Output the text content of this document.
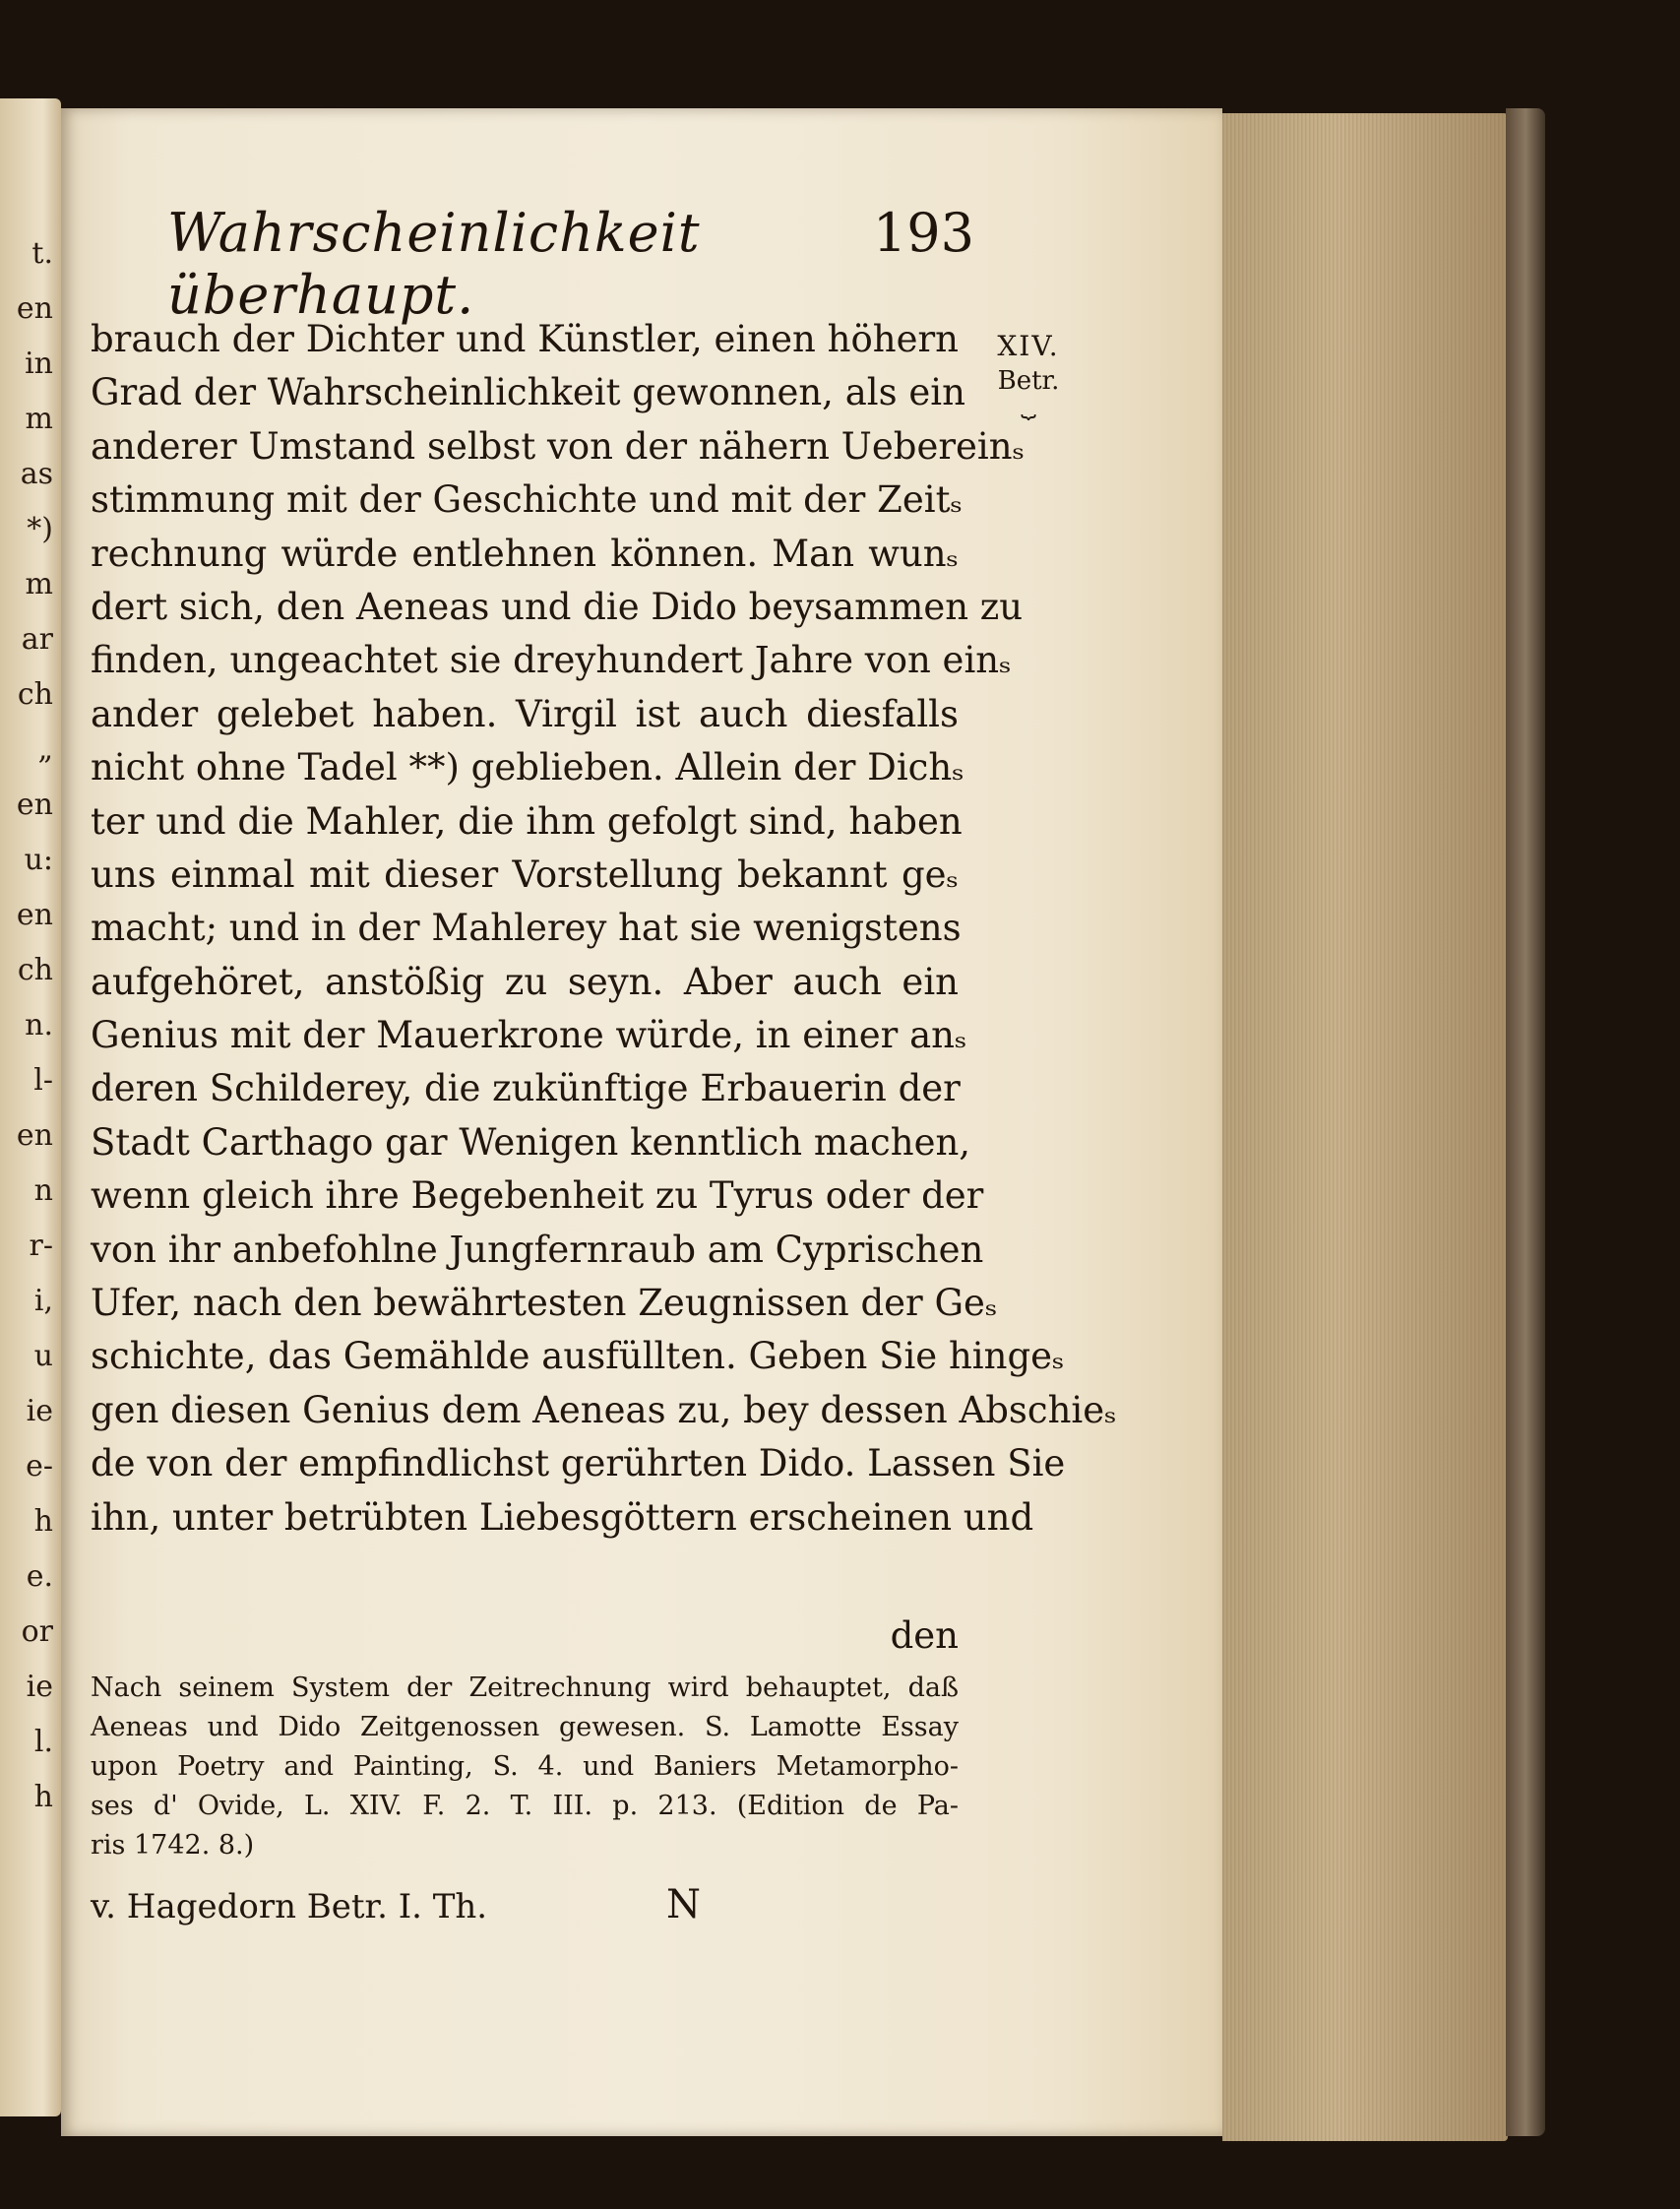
t.
en
in
m
as
*)
m
ar
ch
„
en
u:
en
ch
n.
l-
en
n
r-
i,
u
ie
e-
h
e.
or
ie
l.
h
Wahrscheinlichkeit überhaupt.
193
XIV.
Betr.
⏟
brauch der Dichter und Künstler, einen höhern
Grad der Wahrscheinlichkeit gewonnen, als ein
anderer Umstand selbst von der nähern Uebereinₛ
stimmung mit der Geschichte und mit der Zeitₛ
rechnung würde entlehnen können. Man wunₛ
dert sich, den Aeneas und die Dido beysammen zu
finden, ungeachtet sie dreyhundert Jahre von einₛ
ander gelebet haben. Virgil ist auch diesfalls
nicht ohne Tadel **) geblieben. Allein der Dichₛ
ter und die Mahler, die ihm gefolgt sind, haben
uns einmal mit dieser Vorstellung bekannt geₛ
macht; und in der Mahlerey hat sie wenigstens
aufgehöret, anstößig zu seyn. Aber auch ein
Genius mit der Mauerkrone würde, in einer anₛ
deren Schilderey, die zukünftige Erbauerin der
Stadt Carthago gar Wenigen kenntlich machen,
wenn gleich ihre Begebenheit zu Tyrus oder der
von ihr anbefohlne Jungfernraub am Cyprischen
Ufer, nach den bewährtesten Zeugnissen der Geₛ
schichte, das Gemählde ausfüllten. Geben Sie hingeₛ
gen diesen Genius dem Aeneas zu, bey dessen Abschieₛ
de von der empfindlichst gerührten Dido. Lassen Sie
ihn, unter betrübten Liebesgöttern erscheinen und
den
Nach seinem System der Zeitrechnung wird behauptet, daß
Aeneas und Dido Zeitgenossen gewesen. S. Lamotte Essay
upon Poetry and Painting, S. 4. und Baniers Metamorpho-
ses d' Ovide, L. XIV. F. 2. T. III. p. 213. (Edition de Pa-
ris 1742. 8.)
v. Hagedorn Betr. I. Th.	N
